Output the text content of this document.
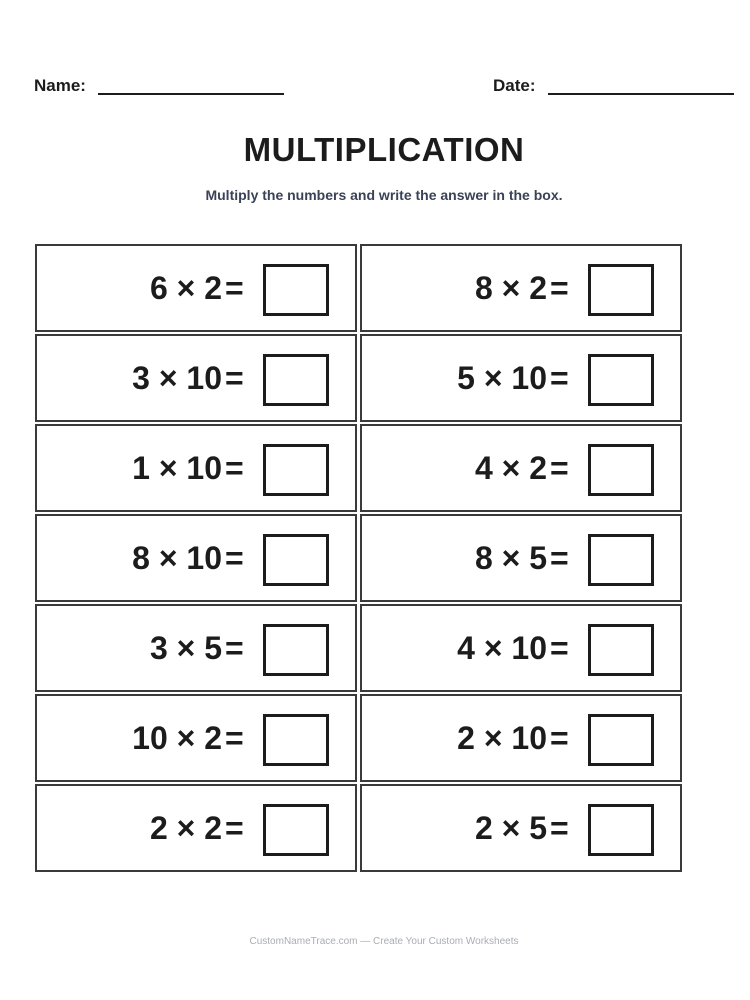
Name:	Date:
MULTIPLICATION
Multiply the numbers and write the answer in the box.
6 × 2 =	8 × 2 =
3 × 10 =	5 × 10 =
1 × 10 =	4 × 2 =
8 × 10 =	8 × 5 =
3 × 5 =	4 × 10 =
10 × 2 =	2 × 10 =
2 × 2 =	2 × 5 =
CustomNameTrace.com — Create Your Custom Worksheets
